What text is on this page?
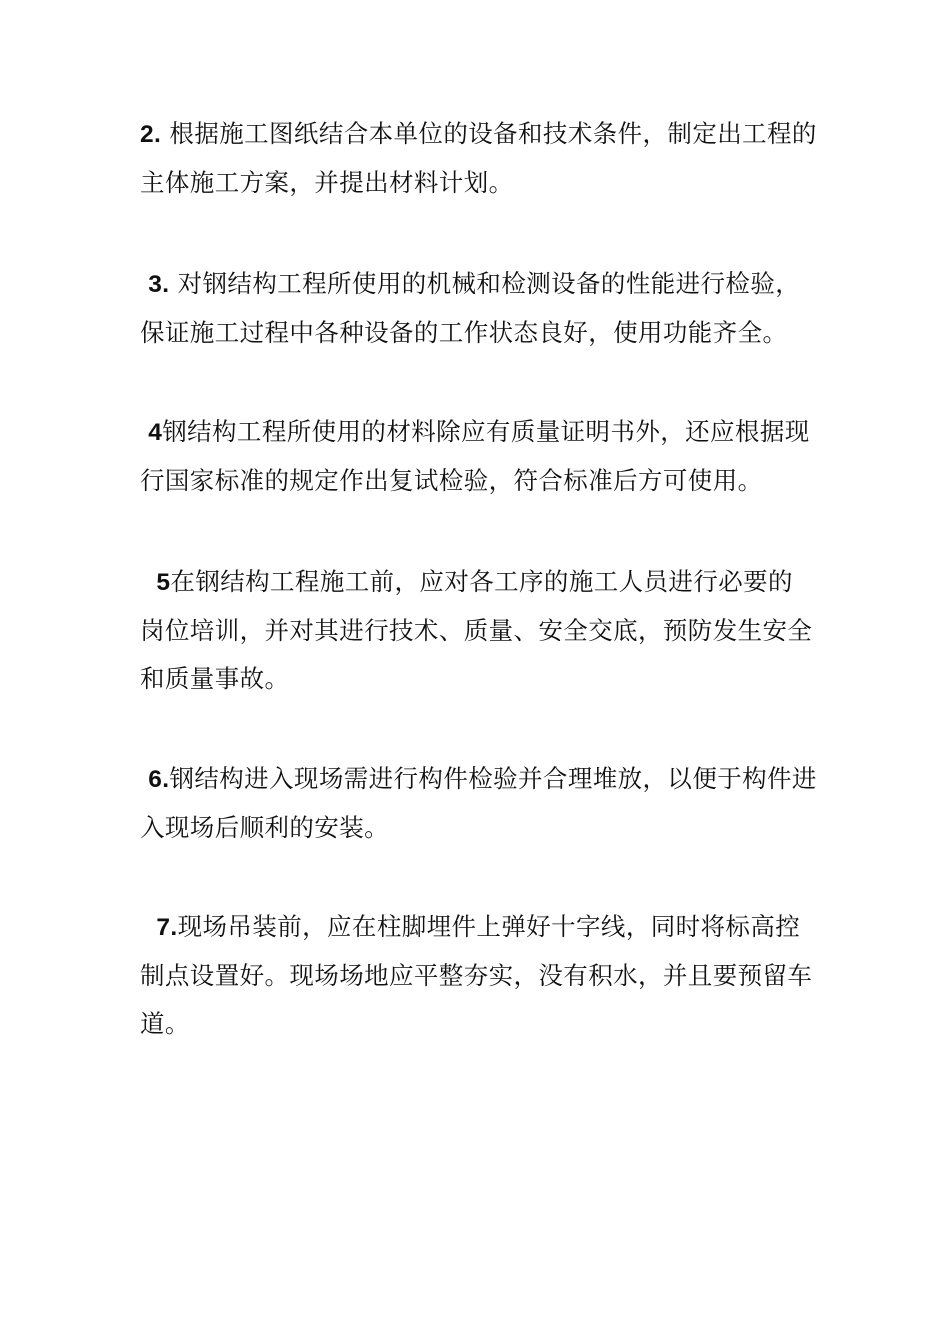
2. 根据施工图纸结合本单位的设备和技术条件，制定出工程的
主体施工方案，并提出材料计划。

3. 对钢结构工程所使用的机械和检测设备的性能进行检验，
保证施工过程中各种设备的工作状态良好，使用功能齐全。

4钢结构工程所使用的材料除应有质量证明书外，还应根据现
行国家标准的规定作出复试检验，符合标准后方可使用。

5在钢结构工程施工前，应对各工序的施工人员进行必要的
岗位培训，并对其进行技术、质量、安全交底，预防发生安全
和质量事故。

6.钢结构进入现场需进行构件检验并合理堆放，以便于构件进
入现场后顺利的安装。

7.现场吊装前，应在柱脚埋件上弹好十字线，同时将标高控
制点设置好。现场场地应平整夯实，没有积水，并且要预留车
道。
